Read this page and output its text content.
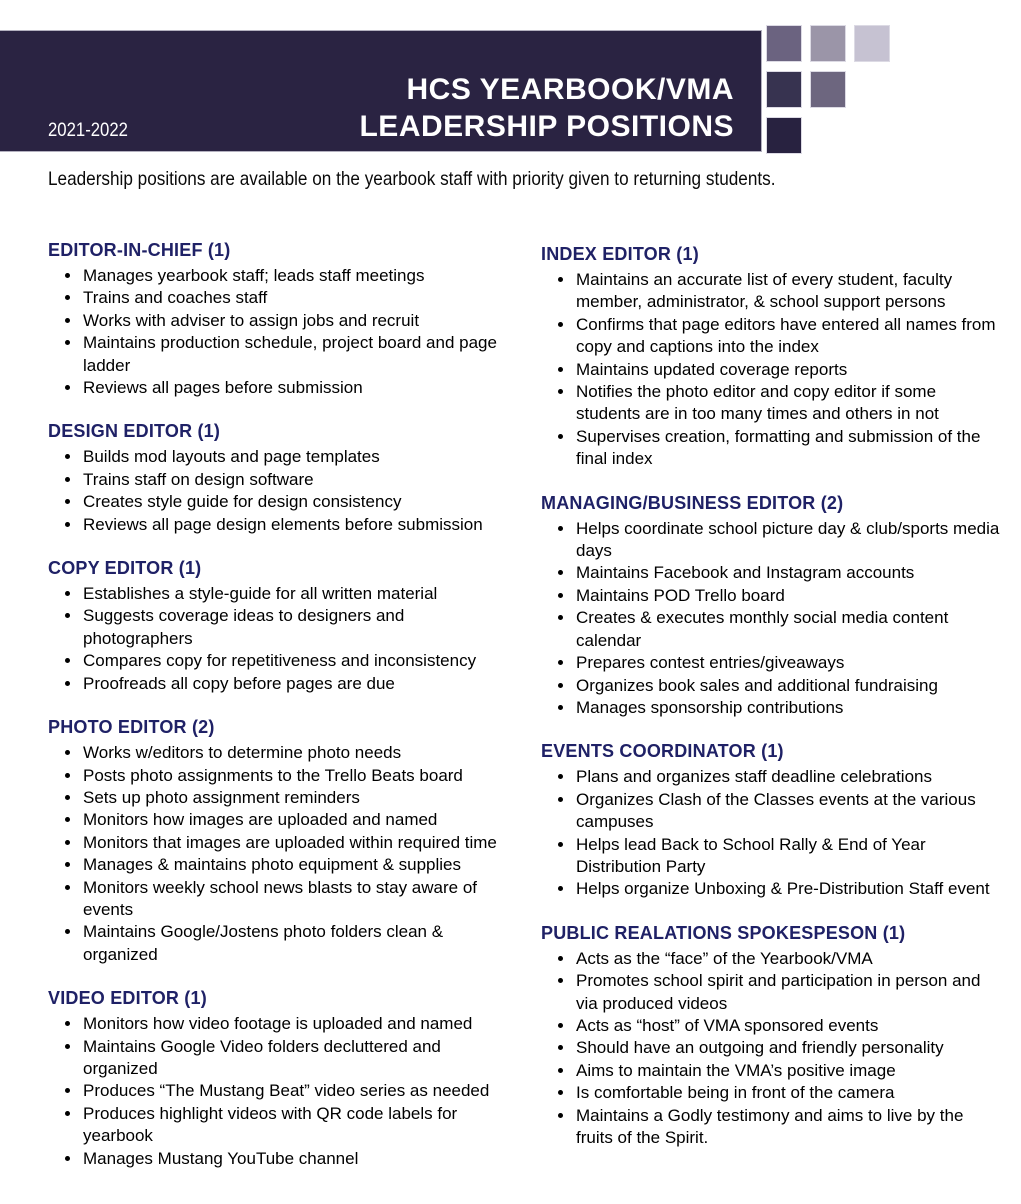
2021-2022
HCS YEARBOOK/VMA
LEADERSHIP POSITIONS
Leadership positions are available on the yearbook staff with priority given to returning students.
EDITOR-IN-CHIEF (1)
• Manages yearbook staff; leads staff meetings
• Trains and coaches staff
• Works with adviser to assign jobs and recruit
• Maintains production schedule, project board and page ladder
• Reviews all pages before submission
DESIGN EDITOR (1)
• Builds mod layouts and page templates
• Trains staff on design software
• Creates style guide for design consistency
• Reviews all page design elements before submission
COPY EDITOR (1)
• Establishes a style-guide for all written material
• Suggests coverage ideas to designers and photographers
• Compares copy for repetitiveness and inconsistency
• Proofreads all copy before pages are due
PHOTO EDITOR (2)
• Works w/editors to determine photo needs
• Posts photo assignments to the Trello Beats board
• Sets up photo assignment reminders
• Monitors how images are uploaded and named
• Monitors that images are uploaded within required time
• Manages & maintains photo equipment & supplies
• Monitors weekly school news blasts to stay aware of events
• Maintains Google/Jostens photo folders clean & organized
VIDEO EDITOR (1)
• Monitors how video footage is uploaded and named
• Maintains Google Video folders decluttered and organized
• Produces “The Mustang Beat” video series as needed
• Produces highlight videos with QR code labels for yearbook
• Manages Mustang YouTube channel
INDEX EDITOR (1)
• Maintains an accurate list of every student, faculty member, administrator, & school support persons
• Confirms that page editors have entered all names from copy and captions into the index
• Maintains updated coverage reports
• Notifies the photo editor and copy editor if some students are in too many times and others in not
• Supervises creation, formatting and submission of the final index
MANAGING/BUSINESS EDITOR (2)
• Helps coordinate school picture day & club/sports media days
• Maintains Facebook and Instagram accounts
• Maintains POD Trello board
• Creates & executes monthly social media content calendar
• Prepares contest entries/giveaways
• Organizes book sales and additional fundraising
• Manages sponsorship contributions
EVENTS COORDINATOR (1)
• Plans and organizes staff deadline celebrations
• Organizes Clash of the Classes events at the various campuses
• Helps lead Back to School Rally & End of Year Distribution Party
• Helps organize Unboxing & Pre-Distribution Staff event
PUBLIC REALATIONS SPOKESPESON (1)
• Acts as the “face” of the Yearbook/VMA
• Promotes school spirit and participation in person and via produced videos
• Acts as “host” of VMA sponsored events
• Should have an outgoing and friendly personality
• Aims to maintain the VMA’s positive image
• Is comfortable being in front of the camera
• Maintains a Godly testimony and aims to live by the fruits of the Spirit.
